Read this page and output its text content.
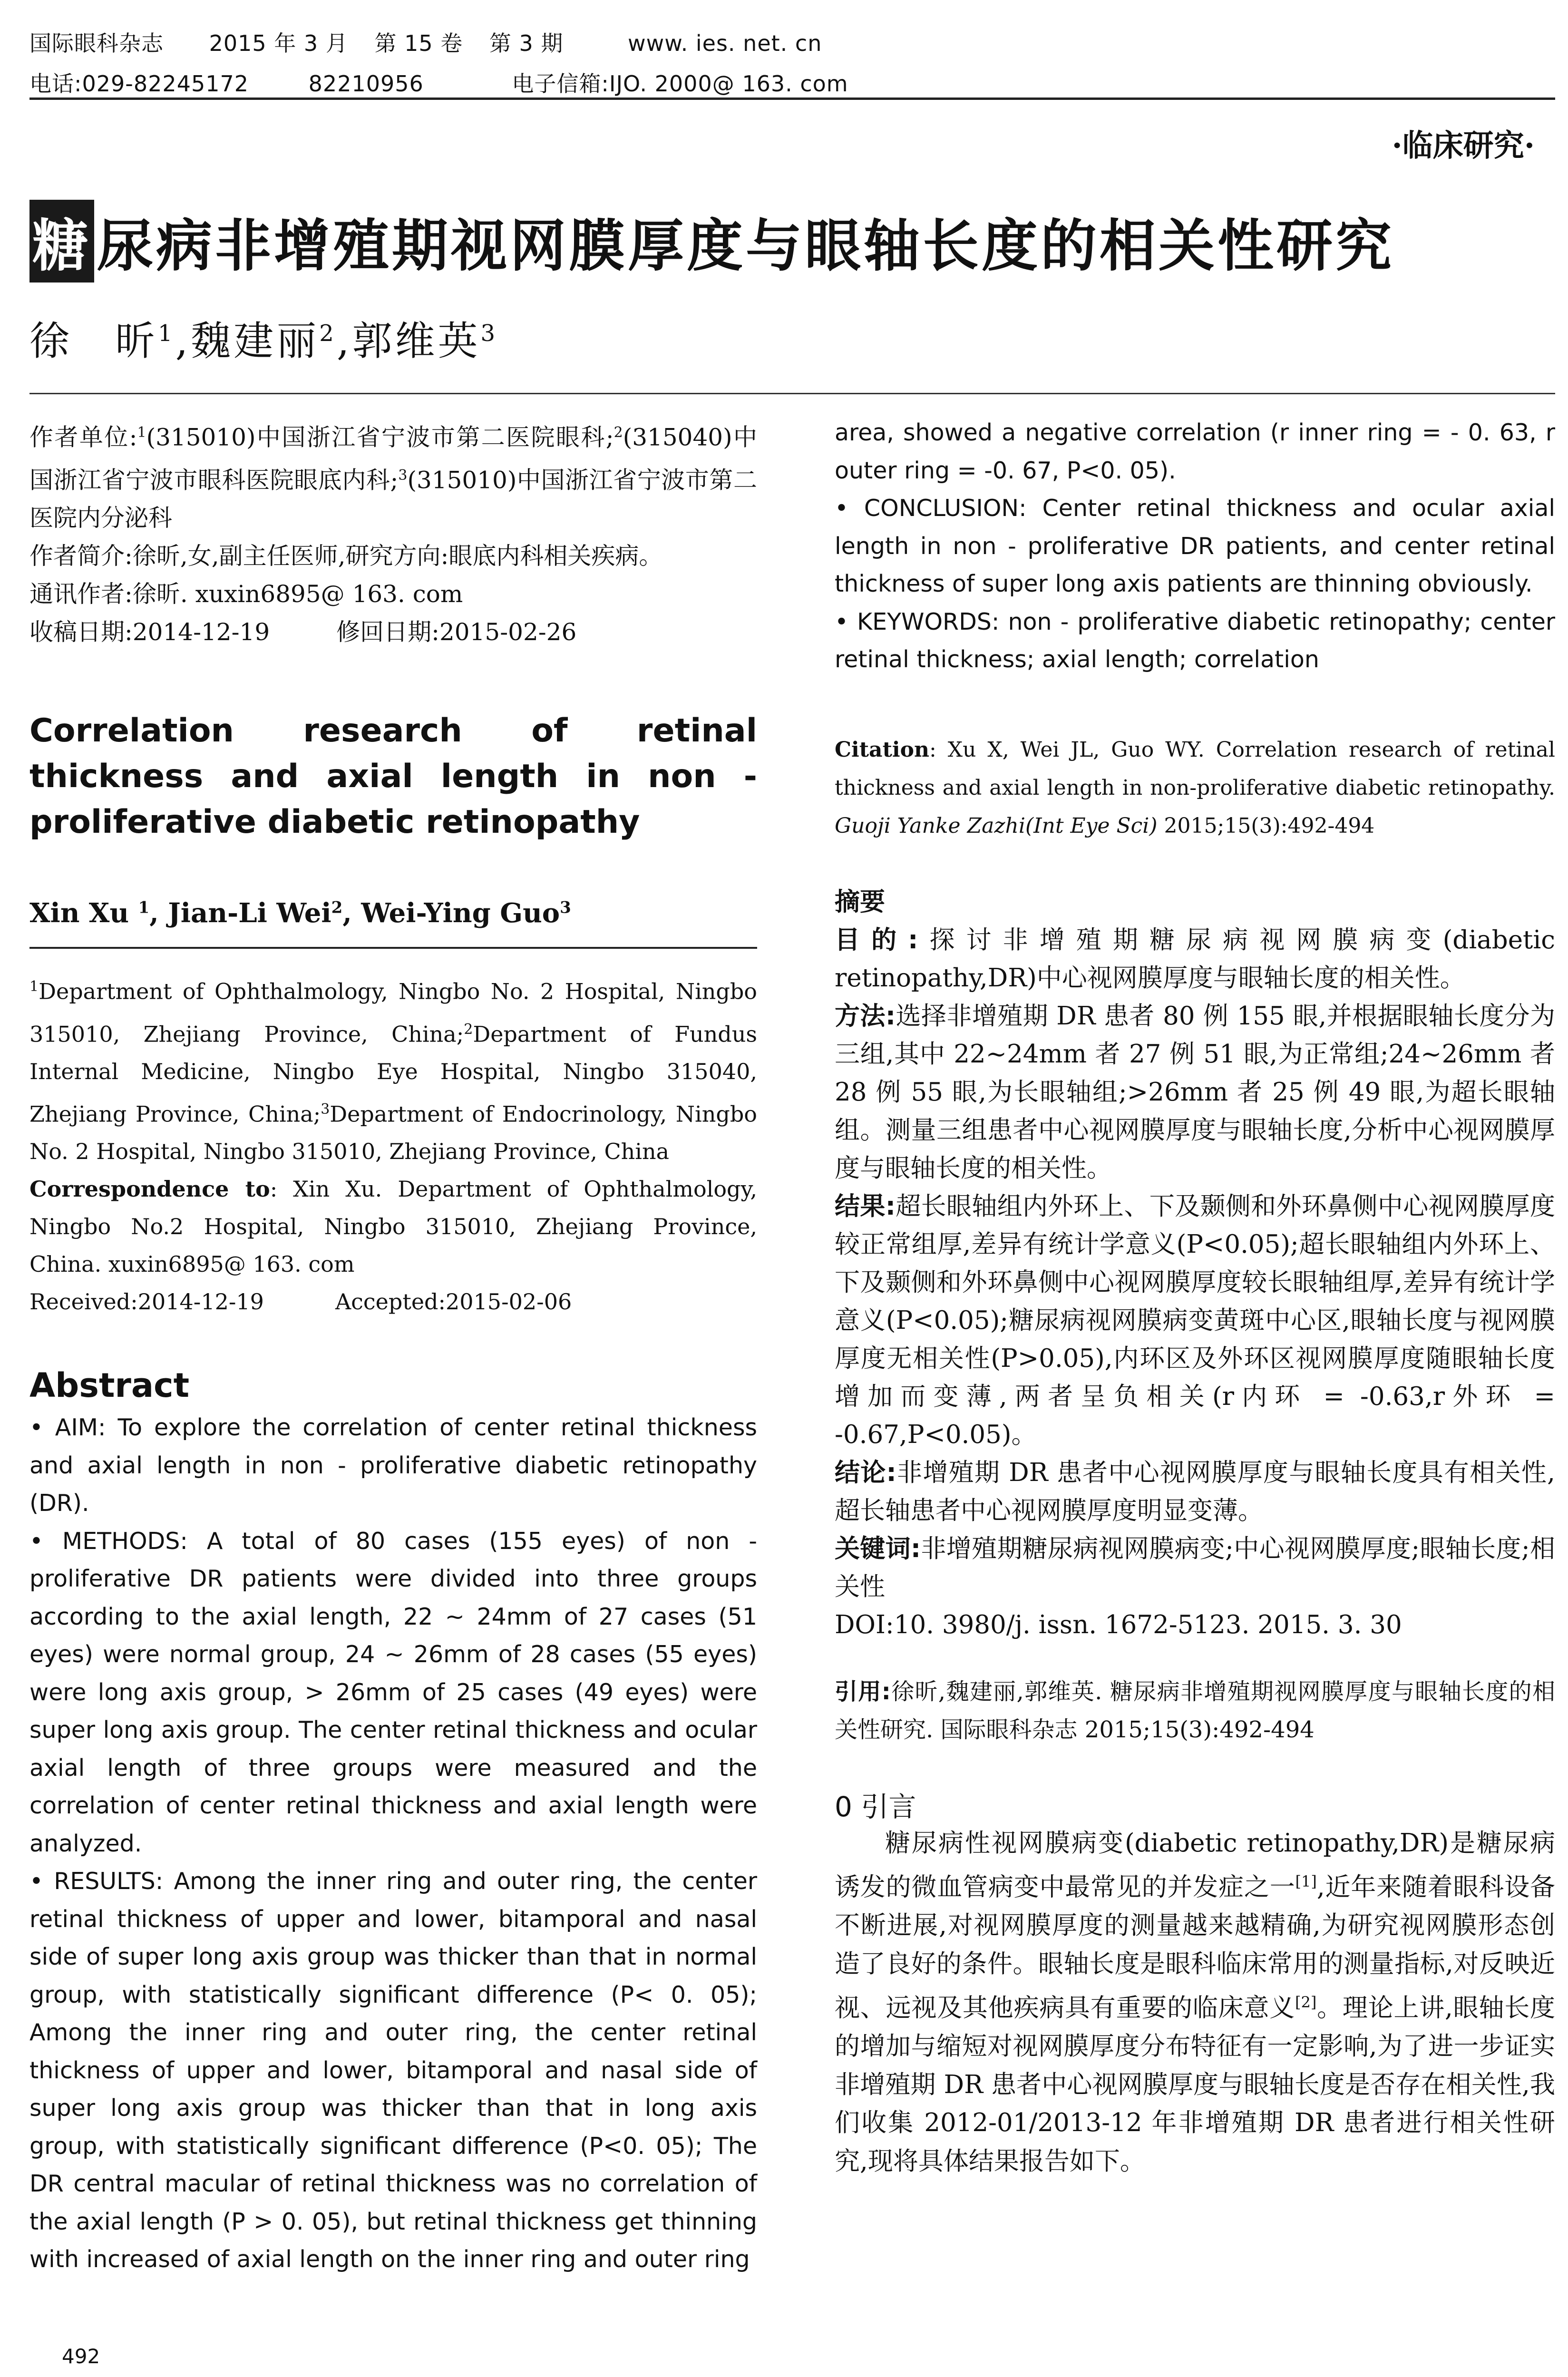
国际眼科杂志 2015 年 3 月 第 15 卷 第 3 期	www. ies. net. cn
电话:029-82245172	82210956	电子信箱:IJO. 2000@ 163. com
·临床研究·
糖 尿病非增殖期视网膜厚度与眼轴长度的相关性研究
徐　昕$^1$,魏建丽$^2$,郭维英$^3$

作者单位:$^1$(315010)中国浙江省宁波市第二医院眼科;$^2$(315040)中国浙江省宁波市眼科医院眼底内科;$^3$(315010)中国浙江省宁波市第二医院内分泌科

作者简介:徐昕,女,副主任医师,研究方向:眼底内科相关疾病。

通讯作者:徐昕. xuxin6895@ 163. com

收稿日期:2014-12-19	修回日期:2015-02-26

Correlation research of retinal thickness and axial length in non - proliferative diabetic retinopathy
Xin Xu $^1$, Jian-Li Wei$^2$, Wei-Ying Guo$^3$

$^1$Department of Ophthalmology, Ningbo No. 2 Hospital, Ningbo 315010, Zhejiang Province, China;$^2$Department of Fundus Internal Medicine, Ningbo Eye Hospital, Ningbo 315040, Zhejiang Province, China;$^3$Department of Endocrinology, Ningbo No. 2 Hospital, Ningbo 315010, Zhejiang Province, China

Correspondence to: Xin Xu. Department of Ophthalmology, Ningbo No.2 Hospital, Ningbo 315010, Zhejiang Province, China. xuxin6895@ 163. com

Received:2014-12-19	Accepted:2015-02-06

Abstract

• AIM: To explore the correlation of center retinal thickness and axial length in non - proliferative diabetic retinopathy (DR).

• METHODS: A total of 80 cases (155 eyes) of non - proliferative DR patients were divided into three groups according to the axial length, 22 ~ 24mm of 27 cases (51 eyes) were normal group, 24 ~ 26mm of 28 cases (55 eyes) were long axis group, > 26mm of 25 cases (49 eyes) were super long axis group. The center retinal thickness and ocular axial length of three groups were measured and the correlation of center retinal thickness and axial length were analyzed.

• RESULTS: Among the inner ring and outer ring, the center retinal thickness of upper and lower, bitamporal and nasal side of super long axis group was thicker than that in normal group, with statistically significant difference (P< 0. 05); Among the inner ring and outer ring, the center retinal thickness of upper and lower, bitamporal and nasal side of super long axis group was thicker than that in long axis group, with statistically significant difference (P<0. 05); The DR central macular of retinal thickness was no correlation of the axial length (P > 0. 05), but retinal thickness get thinning with increased of axial length on the inner ring and outer ring

area, showed a negative correlation (r inner ring = - 0. 63, r outer ring = -0. 67, P<0. 05).

• CONCLUSION: Center retinal thickness and ocular axial length in non - proliferative DR patients, and center retinal thickness of super long axis patients are thinning obviously.

• KEYWORDS: non - proliferative diabetic retinopathy; center retinal thickness; axial length; correlation

Citation: Xu X, Wei JL, Guo WY. Correlation research of retinal thickness and axial length in non-proliferative diabetic retinopathy. Guoji Yanke Zazhi(Int Eye Sci) 2015;15(3):492-494

摘要

目的:探讨非增殖期糖尿病视网膜病变(diabetic retinopathy,DR)中心视网膜厚度与眼轴长度的相关性。

方法:选择非增殖期 DR 患者 80 例 155 眼,并根据眼轴长度分为三组,其中 22~24mm 者 27 例 51 眼,为正常组;24~26mm 者 28 例 55 眼,为长眼轴组;>26mm 者 25 例 49 眼,为超长眼轴组。测量三组患者中心视网膜厚度与眼轴长度,分析中心视网膜厚度与眼轴长度的相关性。

结果:超长眼轴组内外环上、下及颞侧和外环鼻侧中心视网膜厚度较正常组厚,差异有统计学意义(P<0.05);超长眼轴组内外环上、下及颞侧和外环鼻侧中心视网膜厚度较长眼轴组厚,差异有统计学意义(P<0.05);糖尿病视网膜病变黄斑中心区,眼轴长度与视网膜厚度无相关性(P>0.05),内环区及外环区视网膜厚度随眼轴长度增加而变薄,两者呈负相关(r内环 = -0.63,r外环 = -0.67,P<0.05)。

结论:非增殖期 DR 患者中心视网膜厚度与眼轴长度具有相关性,超长轴患者中心视网膜厚度明显变薄。

关键词:非增殖期糖尿病视网膜病变;中心视网膜厚度;眼轴长度;相关性

DOI:10. 3980/j. issn. 1672-5123. 2015. 3. 30

引用:徐昕,魏建丽,郭维英. 糖尿病非增殖期视网膜厚度与眼轴长度的相关性研究. 国际眼科杂志 2015;15(3):492-494
0 引言

糖尿病性视网膜病变(diabetic retinopathy,DR)是糖尿病诱发的微血管病变中最常见的并发症之一[1],近年来随着眼科设备不断进展,对视网膜厚度的测量越来越精确,为研究视网膜形态创造了良好的条件。眼轴长度是眼科临床常用的测量指标,对反映近视、远视及其他疾病具有重要的临床意义[2]。理论上讲,眼轴长度的增加与缩短对视网膜厚度分布特征有一定影响,为了进一步证实非增殖期 DR 患者中心视网膜厚度与眼轴长度是否存在相关性,我们收集 2012-01/2013-12 年非增殖期 DR 患者进行相关性研究,现将具体结果报告如下。

492
